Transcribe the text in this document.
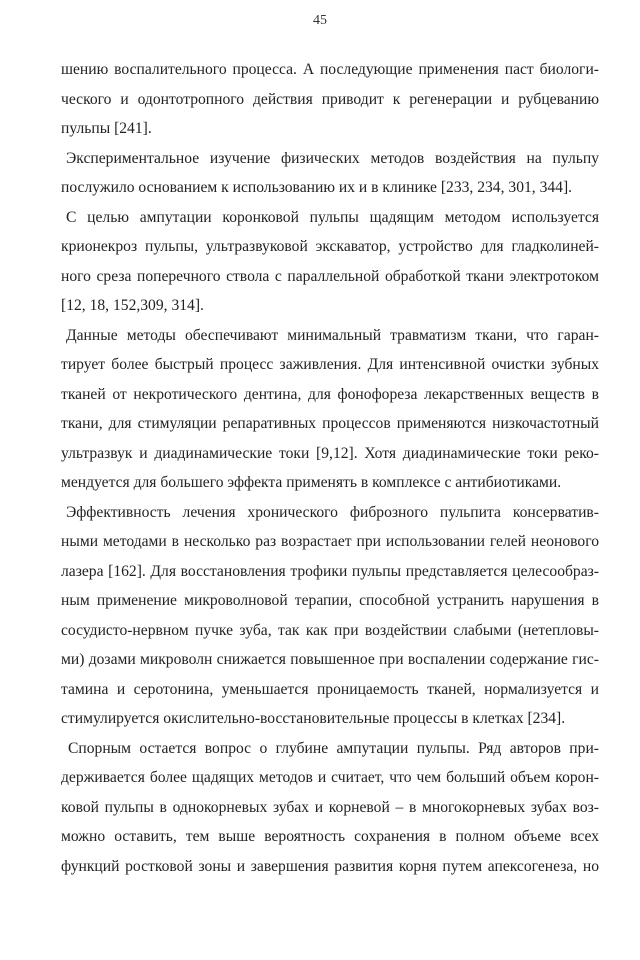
45
шению воспалительного процесса. А последующие применения паст биологи-
ческого и одонтотропного действия приводит к регенерации и рубцеванию
пульпы [241].
Экспериментальное изучение физических методов воздействия на пульпу
послужило основанием к использованию их и в клинике [233, 234, 301, 344].
С целью ампутации коронковой пульпы щадящим методом используется
крионекроз пульпы, ультразвуковой экскаватор, устройство для гладколиней-
ного среза поперечного ствола с параллельной обработкой ткани электротоком
[12, 18, 152,309, 314].
Данные методы обеспечивают минимальный травматизм ткани, что гаран-
тирует более быстрый процесс заживления. Для интенсивной очистки зубных
тканей от некротического дентина, для фонофореза лекарственных веществ в
ткани, для стимуляции репаративных процессов применяются низкочастотный
ультразвук и диадинамические токи [9,12]. Хотя диадинамические токи реко-
мендуется для большего эффекта применять в комплексе с антибиотиками.
Эффективность лечения хронического фиброзного пульпита консерватив-
ными методами в несколько раз возрастает при использовании гелей неонового
лазера [162]. Для восстановления трофики пульпы представляется целесообраз-
ным применение микроволновой терапии, способной устранить нарушения в
сосудисто-нервном пучке зуба, так как при воздействии слабыми (нетепловы-
ми) дозами микроволн снижается повышенное при воспалении содержание гис-
тамина и серотонина, уменьшается проницаемость тканей, нормализуется и
стимулируется окислительно-восстановительные процессы в клетках [234].
Спорным остается вопрос о глубине ампутации пульпы. Ряд авторов при-
держивается более щадящих методов и считает, что чем больший объем корон-
ковой пульпы в однокорневых зубах и корневой – в многокорневых зубах воз-
можно оставить, тем выше вероятность сохранения в полном объеме всех
функций ростковой зоны и завершения развития корня путем апексогенеза, но
